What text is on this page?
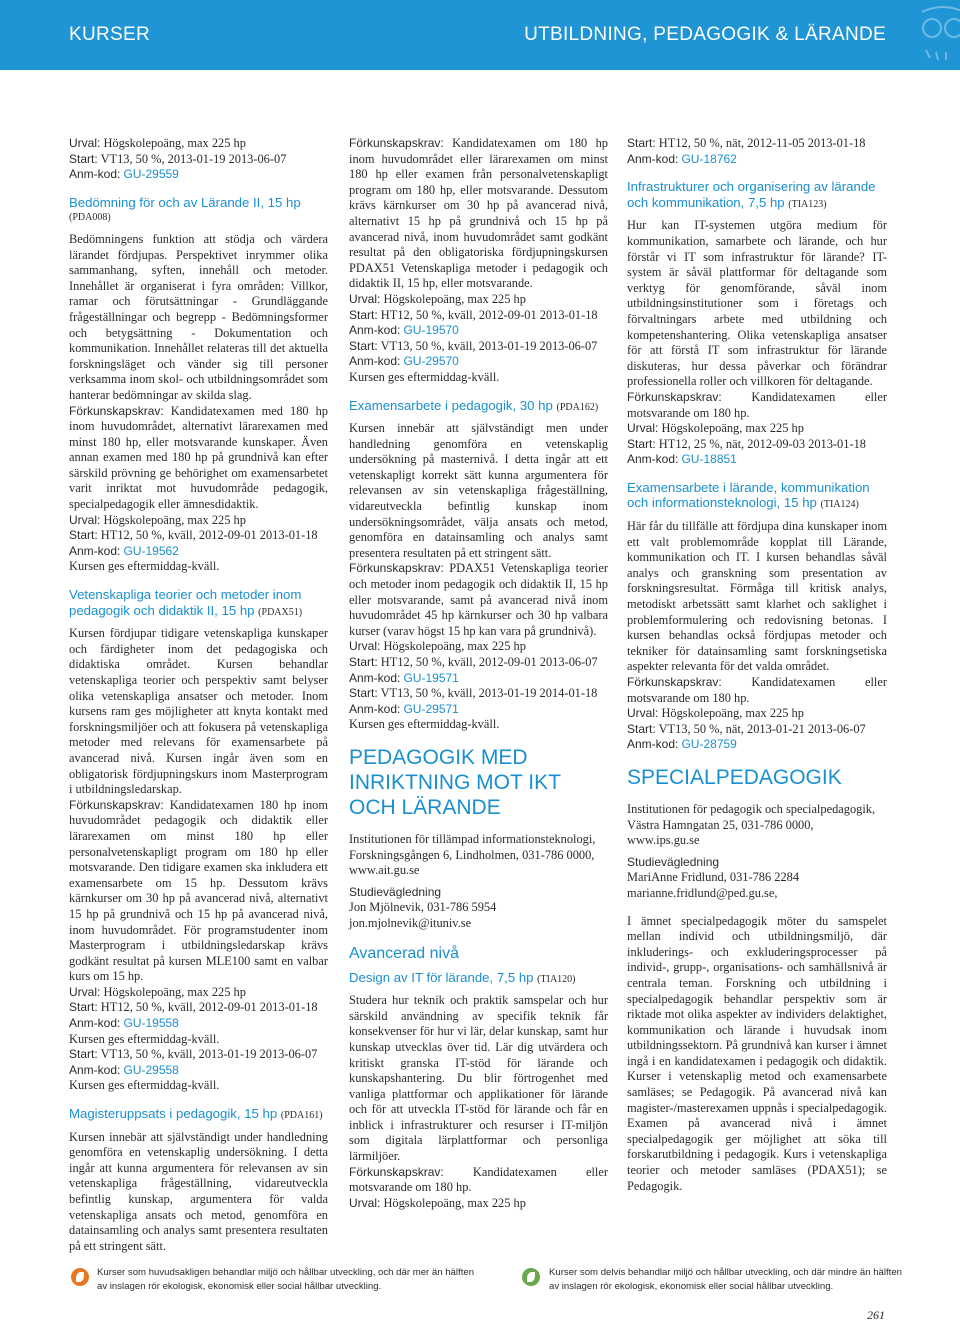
KURSER	UTBILDNING, PEDAGOGIK & LÄRANDE
Urval: Högskolepoäng, max 225 hp
Start: VT13, 50 %, 2013-01-19 2013-06-07
Anm-kod: GU-29559
Bedömning för och av Lärande II, 15 hp
(PDA008)
Bedömningens funktion att stödja och värdera lärandet fördjupas. Perspektivet inrymmer olika sammanhang, syften, innehåll och metoder. Innehållet är organiserat i fyra områden: Villkor, ramar och förutsättningar - Grundläggande frågeställningar och begrepp - Bedömningsformer och betygsättning - Dokumentation och kommunikation. Innehållet relateras till det aktuella forskningsläget och vänder sig till personer verksamma inom skol- och utbildningsområdet som hanterar bedömningar av skilda slag.
Förkunskapskrav: Kandidatexamen med 180 hp inom huvudområdet, alternativt lärarexamen med minst 180 hp, eller motsvarande kunskaper. Även annan examen med 180 hp på grundnivå kan efter särskild prövning ge behörighet om examensarbetet varit inriktat mot huvudområde pedagogik, specialpedagogik eller ämnesdidaktik.
Urval: Högskolepoäng, max 225 hp
Start: HT12, 50 %, kväll, 2012-09-01 2013-01-18
Anm-kod: GU-19562
Kursen ges eftermiddag-kväll.
Vetenskapliga teorier och metoder inom
pedagogik och didaktik II, 15 hp (PDAX51)
Kursen fördjupar tidigare vetenskapliga kunskaper och färdigheter inom det pedagogiska och didaktiska området. Kursen behandlar vetenskapliga teorier och perspektiv samt belyser olika vetenskapliga ansatser och metoder. Inom kursens ram ges möjligheter att knyta kontakt med forskningsmiljöer och att fokusera på vetenskapliga metoder med relevans för examensarbete på avancerad nivå. Kursen ingår även som en obligatorisk fördjupningskurs inom Masterprogram i utbildningsledarskap.
Förkunskapskrav: Kandidatexamen 180 hp inom huvudområdet pedagogik och didaktik eller lärarexamen om minst 180 hp eller personalvetenskapligt program om 180 hp eller motsvarande. Den tidigare examen ska inkludera ett examensarbete om 15 hp. Dessutom krävs kärnkurser om 30 hp på avancerad nivå, alternativt 15 hp på grundnivå och 15 hp på avancerad nivå, inom huvudområdet. För programstudenter inom Masterprogram i utbildningsledarskap krävs godkänt resultat på kursen MLE100 samt en valbar kurs om 15 hp.
Urval: Högskolepoäng, max 225 hp
Start: HT12, 50 %, kväll, 2012-09-01 2013-01-18
Anm-kod: GU-19558
Kursen ges eftermiddag-kväll.
Start: VT13, 50 %, kväll, 2013-01-19 2013-06-07
Anm-kod: GU-29558
Kursen ges eftermiddag-kväll.
Magisteruppsats i pedagogik, 15 hp (PDA161)
Kursen innebär att självständigt under handledning genomföra en vetenskaplig undersökning. I detta ingår att kunna argumentera för relevansen av sin vetenskapliga frågeställning, vidareutveckla befintlig kunskap, argumentera för valda vetenskapliga ansats och metod, genomföra en datainsamling och analys samt presentera resultaten på ett stringent sätt.
Förkunskapskrav: Kandidatexamen om 180 hp inom huvudområdet eller lärarexamen om minst 180 hp eller examen från personalvetenskapligt program om 180 hp, eller motsvarande. Dessutom krävs kärnkurser om 30 hp på avancerad nivå, alternativt 15 hp på grundnivå och 15 hp på avancerad nivå, inom huvudområdet samt godkänt resultat på den obligatoriska fördjupningskursen PDAX51 Vetenskapliga metoder i pedagogik och didaktik II, 15 hp, eller motsvarande.
Urval: Högskolepoäng, max 225 hp
Start: HT12, 50 %, kväll, 2012-09-01 2013-01-18
Anm-kod: GU-19570
Start: VT13, 50 %, kväll, 2013-01-19 2013-06-07
Anm-kod: GU-29570
Kursen ges eftermiddag-kväll.
Examensarbete i pedagogik, 30 hp (PDA162)
Kursen innebär att självständigt men under handledning genomföra en vetenskaplig undersökning på masternivå. I detta ingår att ett vetenskapligt korrekt sätt kunna argumentera för relevansen av sin vetenskapliga frågeställning, vidareutveckla befintlig kunskap inom undersökningsområdet, välja ansats och metod, genomföra en datainsamling och analys samt presentera resultaten på ett stringent sätt.
Förkunskapskrav: PDAX51 Vetenskapliga teorier och metoder inom pedagogik och didaktik II, 15 hp eller motsvarande, samt på avancerad nivå inom huvudområdet 45 hp kärnkurser och 30 hp valbara kurser (varav högst 15 hp kan vara på grundnivå).
Urval: Högskolepoäng, max 225 hp
Start: HT12, 50 %, kväll, 2012-09-01 2013-06-07
Anm-kod: GU-19571
Start: VT13, 50 %, kväll, 2013-01-19 2014-01-18
Anm-kod: GU-29571
Kursen ges eftermiddag-kväll.
PEDAGOGIK MED
INRIKTNING MOT IKT
OCH LÄRANDE
Institutionen för tillämpad informationsteknologi, Forskningsgången 6, Lindholmen, 031-786 0000, www.ait.gu.se
Studievägledning
Jon Mjölnevik, 031-786 5954
jon.mjolnevik@ituniv.se
Avancerad nivå
Design av IT för lärande, 7,5 hp (TIA120)
Studera hur teknik och praktik samspelar och hur särskild användning av specifik teknik får konsekvenser för hur vi lär, delar kunskap, samt hur kunskap utvecklas över tid. Lär dig utvärdera och kritiskt granska IT-stöd för lärande och kunskapshantering. Du blir förtrogenhet med vanliga plattformar och applikationer för lärande och för att utveckla IT-stöd för lärande och får en inblick i infrastrukturer och resurser i IT-miljön som digitala lärplattformar och personliga lärmiljöer.
Förkunskapskrav: Kandidatexamen eller motsvarande om 180 hp.
Urval: Högskolepoäng, max 225 hp
Start: HT12, 50 %, nät, 2012-11-05 2013-01-18
Anm-kod: GU-18762
Infrastrukturer och organisering av lärande
och kommunikation, 7,5 hp (TIA123)
Hur kan IT-systemen utgöra medium för kommunikation, samarbete och lärande, och hur förstår vi IT som infrastruktur för lärande? IT-system är såväl plattformar för deltagande som verktyg för genomförande, såväl inom utbildningsinstitutioner som i företags och förvaltningars arbete med utbildning och kompetenshantering. Olika vetenskapliga ansatser för att förstå IT som infrastruktur för lärande diskuteras, hur dessa påverkar och förändrar professionella roller och villkoren för deltagande.
Förkunskapskrav: Kandidatexamen eller motsvarande om 180 hp.
Urval: Högskolepoäng, max 225 hp
Start: HT12, 25 %, nät, 2012-09-03 2013-01-18
Anm-kod: GU-18851
Examensarbete i lärande, kommunikation
och informationsteknologi, 15 hp (TIA124)
Här får du tillfälle att fördjupa dina kunskaper inom ett valt problemområde kopplat till Lärande, kommunikation och IT. I kursen behandlas såväl analys och granskning som presentation av forskningsresultat. Förmåga till kritisk analys, metodiskt arbetssätt samt klarhet och saklighet i problemformulering och redovisning betonas. I kursen behandlas också fördjupas metoder och tekniker för datainsamling samt forskningsetiska aspekter relevanta för det valda området.
Förkunskapskrav: Kandidatexamen eller motsvarande om 180 hp.
Urval: Högskolepoäng, max 225 hp
Start: VT13, 50 %, nät, 2013-01-21 2013-06-07
Anm-kod: GU-28759
SPECIALPEDAGOGIK
Institutionen för pedagogik och specialpedagogik, Västra Hamngatan 25, 031-786 0000, www.ips.gu.se
Studievägledning
MariAnne Fridlund, 031-786 2284
marianne.fridlund@ped.gu.se,
I ämnet specialpedagogik möter du samspelet mellan individ och utbildningsmiljö, där inkluderings- och exkluderingsprocesser på individ-, grupp-, organisations- och samhällsnivå är centrala teman. Forskning och utbildning i specialpedagogik behandlar perspektiv som är riktade mot olika aspekter av individers delaktighet, kommunikation och lärande i huvudsak inom utbildningssektorn. På grundnivå kan kurser i ämnet ingå i en kandidatexamen i pedagogik och didaktik. Kurser i vetenskaplig metod och examensarbete samläses; se Pedagogik. På avancerad nivå kan magister-/masterexamen uppnås i specialpedagogik. Examen på avancerad nivå i ämnet specialpedagogik ger möjlighet att söka till forskarutbildning i pedagogik. Kurs i vetenskapliga teorier och metoder samläses (PDAX51); se Pedagogik.
Kurser som huvudsakligen behandlar miljö och hållbar utveckling, och där mer än hälften av inslagen rör ekologisk, ekonomisk eller social hållbar utveckling.
Kurser som delvis behandlar miljö och hållbar utveckling, och där mindre än hälften av inslagen rör ekologisk, ekonomisk eller social hållbar utveckling.
261
